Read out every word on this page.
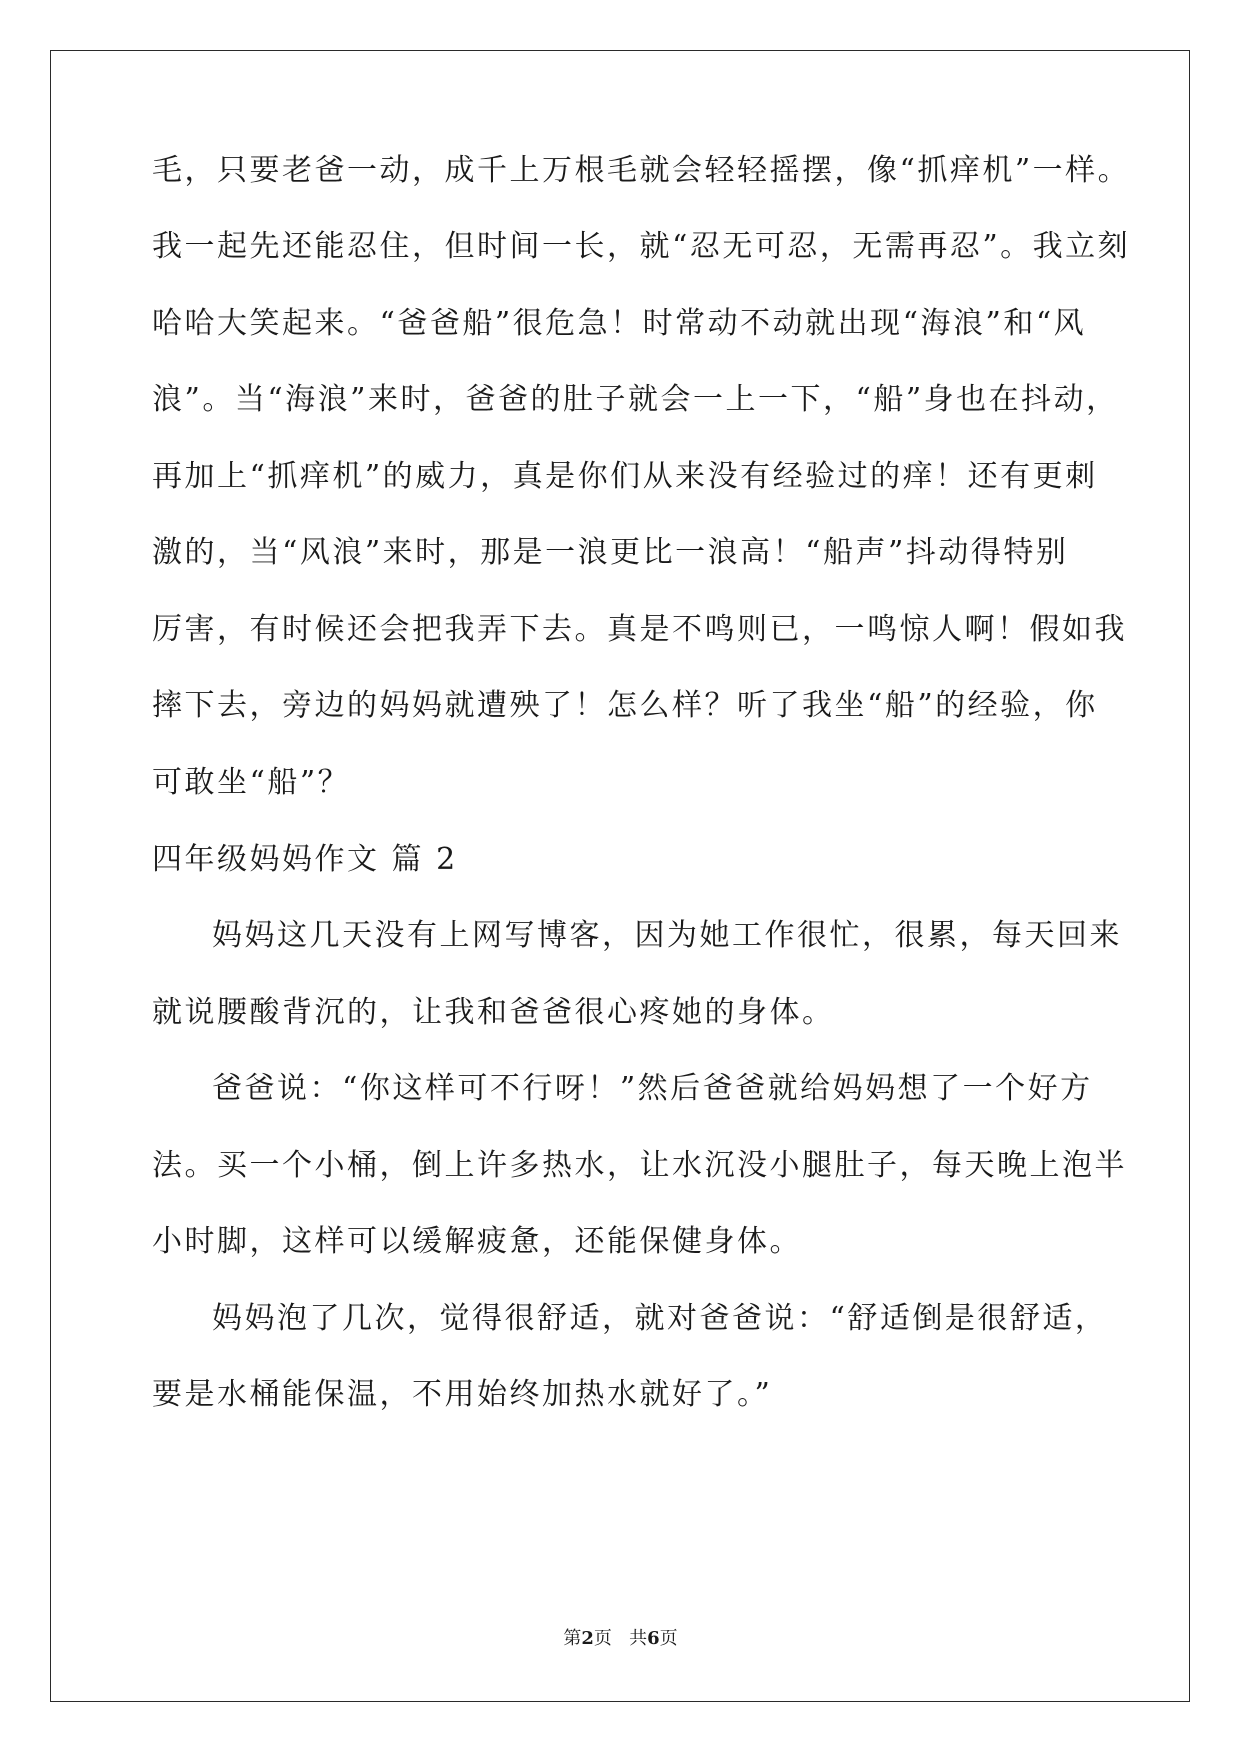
毛，只要老爸一动，成千上万根毛就会轻轻摇摆，像“抓痒机”一样。
我一起先还能忍住，但时间一长，就“忍无可忍，无需再忍”。我立刻
哈哈大笑起来。“爸爸船”很危急！时常动不动就出现“海浪”和“风
浪”。当“海浪”来时，爸爸的肚子就会一上一下，“船”身也在抖动，
再加上“抓痒机”的威力，真是你们从来没有经验过的痒！还有更刺
激的，当“风浪”来时，那是一浪更比一浪高！“船声”抖动得特别
厉害，有时候还会把我弄下去。真是不鸣则已，一鸣惊人啊！假如我
摔下去，旁边的妈妈就遭殃了！怎么样？听了我坐“船”的经验，你
可敢坐“船”？
四年级妈妈作文 篇 2
妈妈这几天没有上网写博客，因为她工作很忙，很累，每天回来
就说腰酸背沉的，让我和爸爸很心疼她的身体。
爸爸说：“你这样可不行呀！”然后爸爸就给妈妈想了一个好方
法。买一个小桶，倒上许多热水，让水沉没小腿肚子，每天晚上泡半
小时脚，这样可以缓解疲惫，还能保健身体。
妈妈泡了几次，觉得很舒适，就对爸爸说：“舒适倒是很舒适，
要是水桶能保温，不用始终加热水就好了。”
第2页 共6页
